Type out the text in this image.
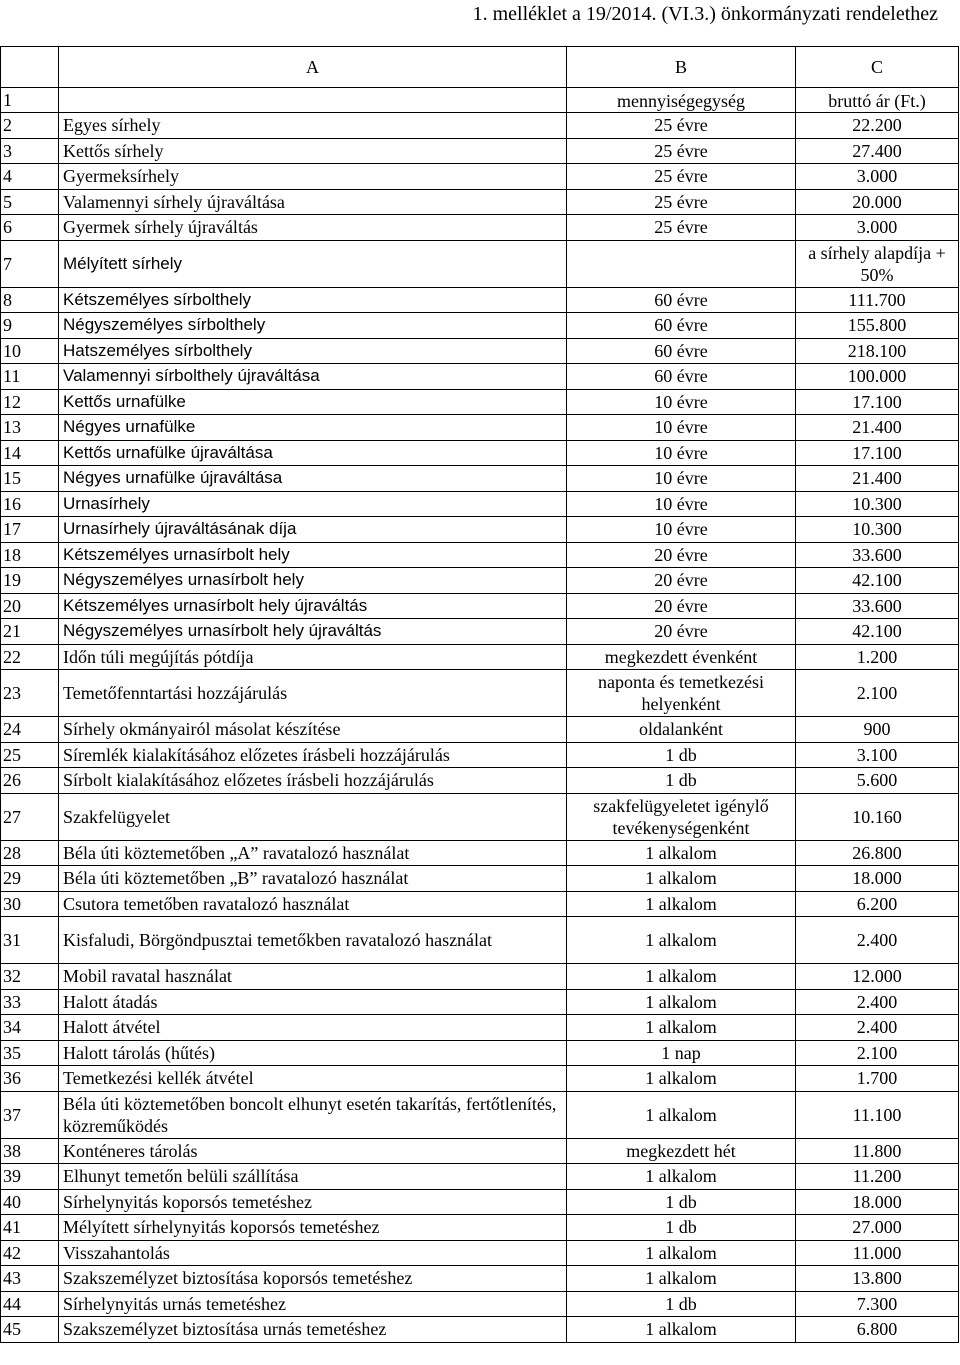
1. melléklet a 19/2014. (VI.3.) önkormányzati rendelethez
	A	B	C
1		mennyiségegység	bruttó ár (Ft.)
2	Egyes sírhely	25 évre	22.200
3	Kettős sírhely	25 évre	27.400
4	Gyermeksírhely	25 évre	3.000
5	Valamennyi sírhely újraváltása	25 évre	20.000
6	Gyermek sírhely újraváltás	25 évre	3.000
7	Mélyített sírhely		a sírhely alapdíja + 50%
8	Kétszemélyes sírbolthely	60 évre	111.700
9	Négyszemélyes sírbolthely	60 évre	155.800
10	Hatszemélyes sírbolthely	60 évre	218.100
11	Valamennyi sírbolthely újraváltása	60 évre	100.000
12	Kettős urnafülke	10 évre	17.100
13	Négyes urnafülke	10 évre	21.400
14	Kettős urnafülke újraváltása	10 évre	17.100
15	Négyes urnafülke újraváltása	10 évre	21.400
16	Urnasírhely	10 évre	10.300
17	Urnasírhely újraváltásának díja	10 évre	10.300
18	Kétszemélyes urnasírbolt hely	20 évre	33.600
19	Négyszemélyes urnasírbolt hely	20 évre	42.100
20	Kétszemélyes urnasírbolt hely újraváltás	20 évre	33.600
21	Négyszemélyes urnasírbolt hely újraváltás	20 évre	42.100
22	Időn túli megújítás pótdíja	megkezdett évenként	1.200
23	Temetőfenntartási hozzájárulás	naponta és temetkezési helyenként	2.100
24	Sírhely okmányairól másolat készítése	oldalanként	900
25	Síremlék kialakításához előzetes írásbeli hozzájárulás	1 db	3.100
26	Sírbolt kialakításához előzetes írásbeli hozzájárulás	1 db	5.600
27	Szakfelügyelet	szakfelügyeletet igénylő tevékenységenként	10.160
28	Béla úti köztemetőben „A” ravatalozó használat	1 alkalom	26.800
29	Béla úti köztemetőben „B” ravatalozó használat	1 alkalom	18.000
30	Csutora temetőben ravatalozó használat	1 alkalom	6.200
31	Kisfaludi, Börgöndpusztai temetőkben ravatalozó használat	1 alkalom	2.400
32	Mobil ravatal használat	1 alkalom	12.000
33	Halott átadás	1 alkalom	2.400
34	Halott átvétel	1 alkalom	2.400
35	Halott tárolás (hűtés)	1 nap	2.100
36	Temetkezési kellék átvétel	1 alkalom	1.700
37	Béla úti köztemetőben boncolt elhunyt esetén takarítás, fertőtlenítés, közreműködés	1 alkalom	11.100
38	Konténeres tárolás	megkezdett hét	11.800
39	Elhunyt temetőn belüli szállítása	1 alkalom	11.200
40	Sírhelynyitás koporsós temetéshez	1 db	18.000
41	Mélyített sírhelynyitás koporsós temetéshez	1 db	27.000
42	Visszahantolás	1 alkalom	11.000
43	Szakszemélyzet biztosítása koporsós temetéshez	1 alkalom	13.800
44	Sírhelynyitás urnás temetéshez	1 db	7.300
45	Szakszemélyzet biztosítása urnás temetéshez	1 alkalom	6.800
